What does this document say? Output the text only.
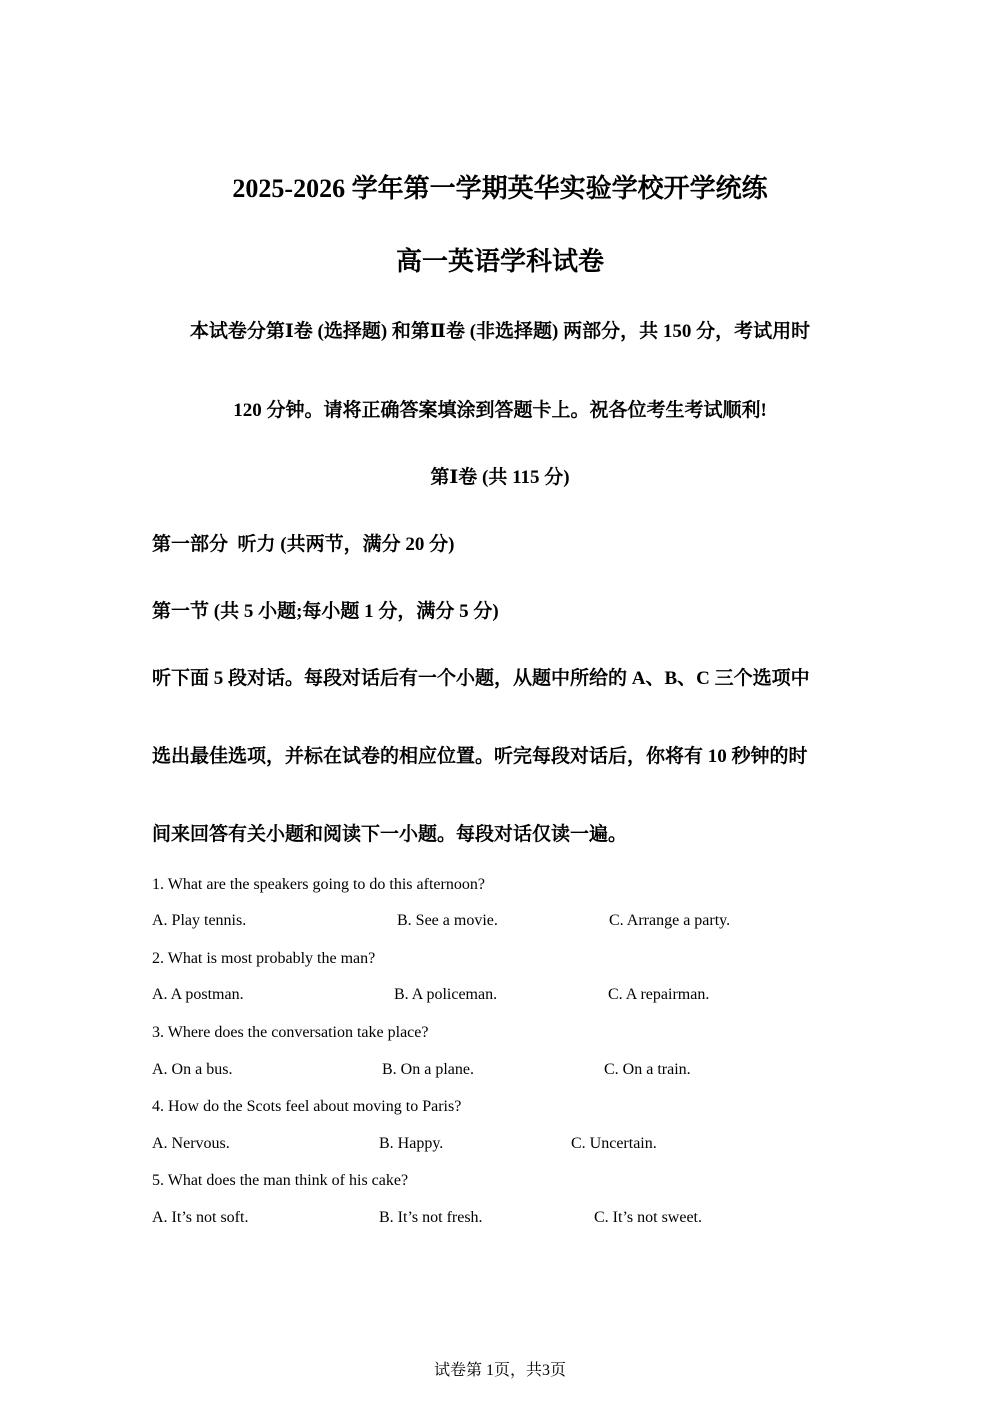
2025-2026 学年第一学期英华实验学校开学统练
高一英语学科试卷
本试卷分第Ⅰ卷 (选择题) 和第Ⅱ卷 (非选择题) 两部分，共 150 分，考试用时
120 分钟。请将正确答案填涂到答题卡上。祝各位考生考试顺利!
第Ⅰ卷 (共 115 分)
第一部分  听力 (共两节，满分 20 分)
第一节 (共 5 小题;每小题 1 分，满分 5 分)
听下面 5 段对话。每段对话后有一个小题，从题中所给的 A、B、C 三个选项中
选出最佳选项，并标在试卷的相应位置。听完每段对话后，你将有 10 秒钟的时
间来回答有关小题和阅读下一小题。每段对话仅读一遍。
1. What are the speakers going to do this afternoon?
A. Play tennis.	B. See a movie.	C. Arrange a party.
2. What is most probably the man?
A. A postman.	B. A policeman.	C. A repairman.
3. Where does the conversation take place?
A. On a bus.	B. On a plane.	C. On a train.
4. How do the Scots feel about moving to Paris?
A. Nervous.	B. Happy.	C. Uncertain.
5. What does the man think of his cake?
A. It’s not soft.	B. It’s not fresh.	C. It’s not sweet.
试卷第 1页，共3页
